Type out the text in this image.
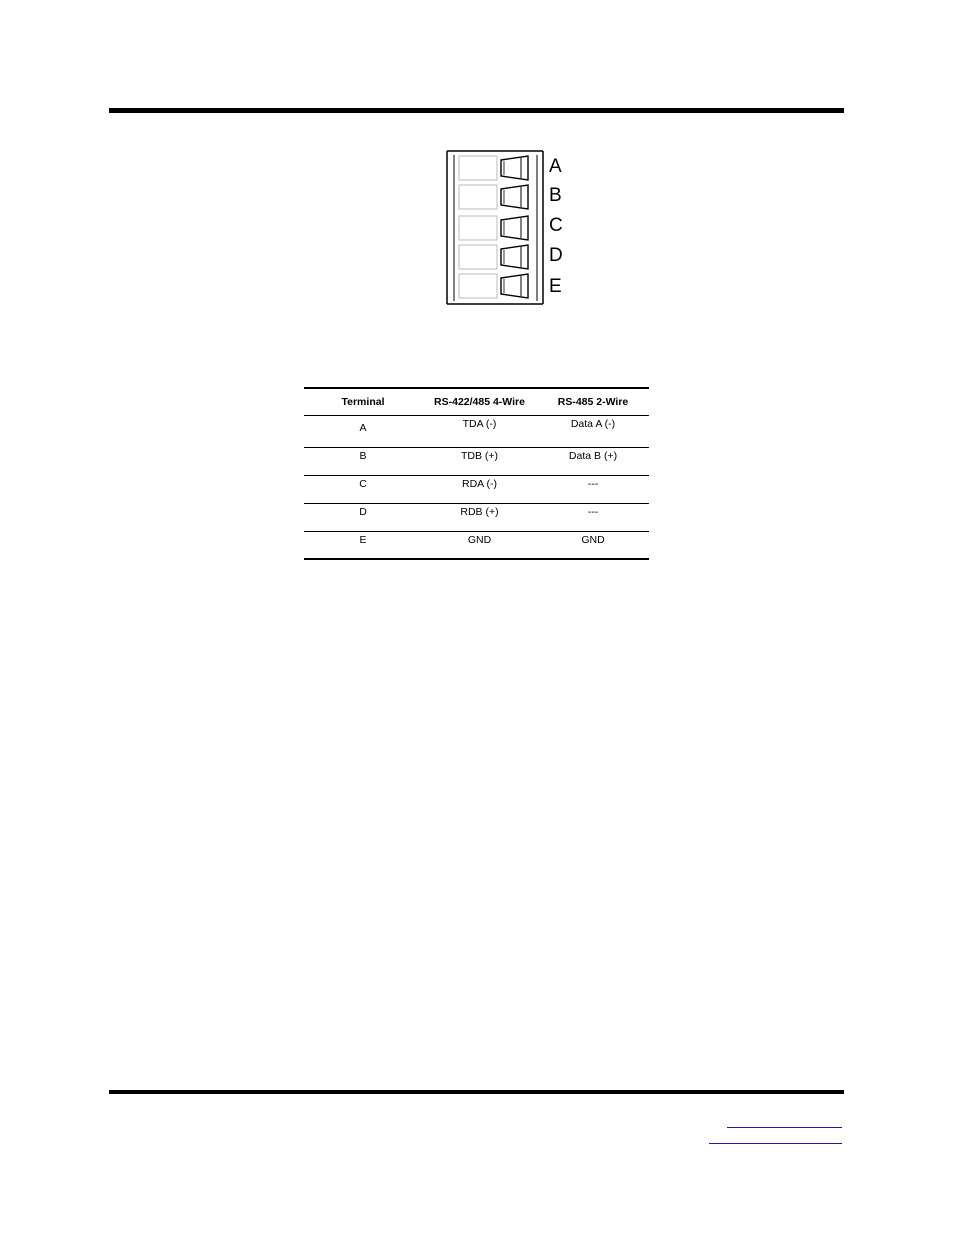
A
B
C
D
E
Terminal	RS-422/485 4-Wire	RS-485 2-Wire
A	TDA (-)	Data A (-)
B	TDB (+)	Data B (+)
C	RDA (-)	---
D	RDB (+)	---
E	GND	GND
